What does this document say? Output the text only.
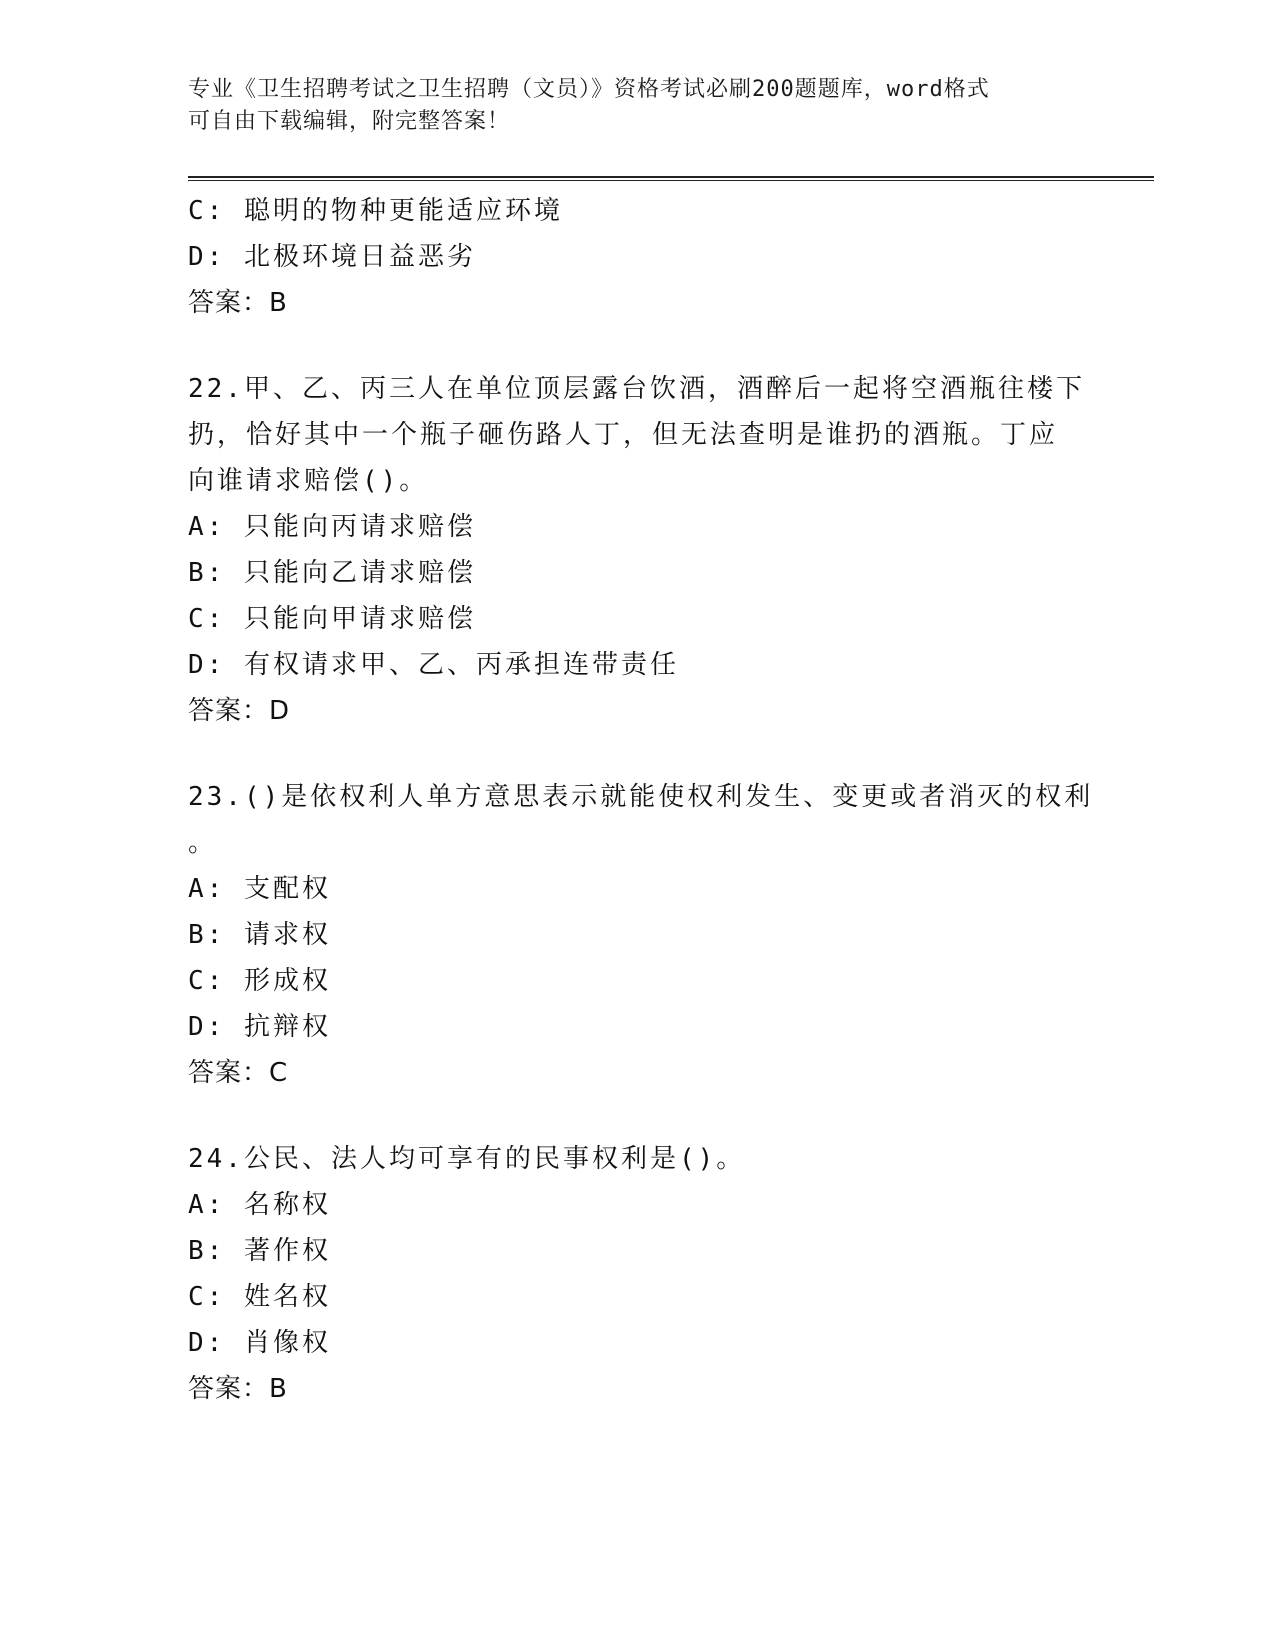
专业《卫生招聘考试之卫生招聘（文员）》资格考试必刷200题题库，word格式
可自由下载编辑，附完整答案！
C: 聪明的物种更能适应环境
D: 北极环境日益恶劣
答案：B
22.甲、乙、丙三人在单位顶层露台饮酒，酒醉后一起将空酒瓶往楼下
扔，恰好其中一个瓶子砸伤路人丁，但无法查明是谁扔的酒瓶。丁应
向谁请求赔偿()。
A: 只能向丙请求赔偿
B: 只能向乙请求赔偿
C: 只能向甲请求赔偿
D: 有权请求甲、乙、丙承担连带责任
答案：D
23.()是依权利人单方意思表示就能使权利发生、变更或者消灭的权利
。
A: 支配权
B: 请求权
C: 形成权
D: 抗辩权
答案：C
24.公民、法人均可享有的民事权利是()。
A: 名称权
B: 著作权
C: 姓名权
D: 肖像权
答案：B
